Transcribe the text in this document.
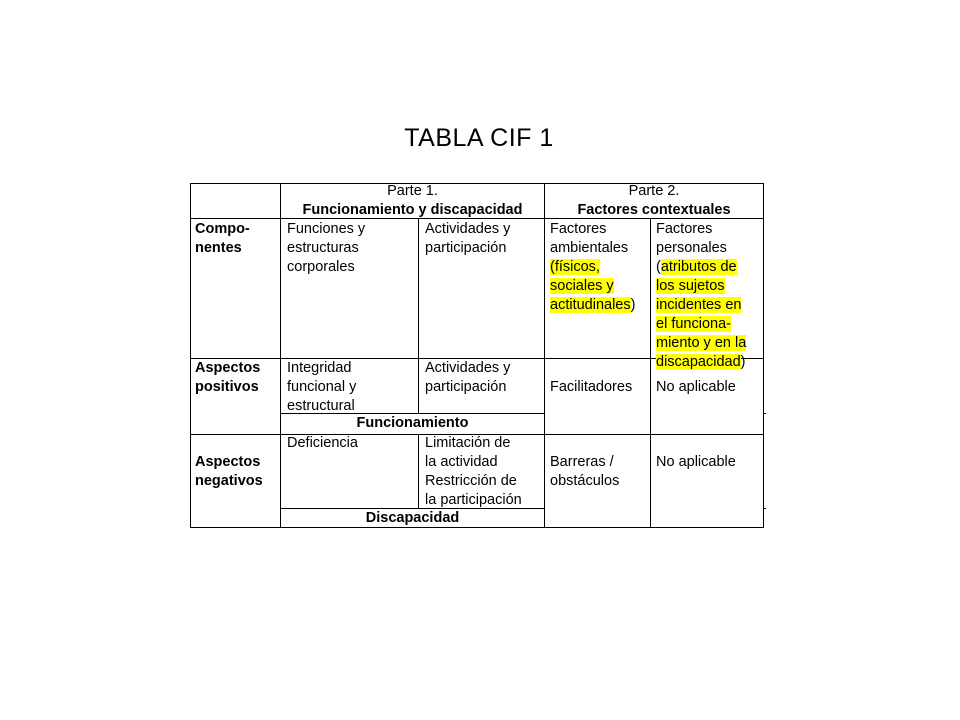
TABLA CIF 1
Parte 1.
Funcionamiento y discapacidad
Parte 2.
Factores contextuales
Compo-
nentes
Funciones y
estructuras
corporales
Actividades y
participación
Factores
ambientales
(físicos,
sociales y
actitudinales)
Factores
personales
(atributos de
los sujetos
incidentes en
el funciona-
miento y en la
discapacidad)
Aspectos
positivos
Integridad
funcional y
estructural
Actividades y
participación	Facilitadores No aplicable
Funcionamiento
Aspectos
negativos
Deficiencia	Limitación de
la actividad
Restricción de
la participación
Barreras /
obstáculos
No aplicable
Discapacidad
